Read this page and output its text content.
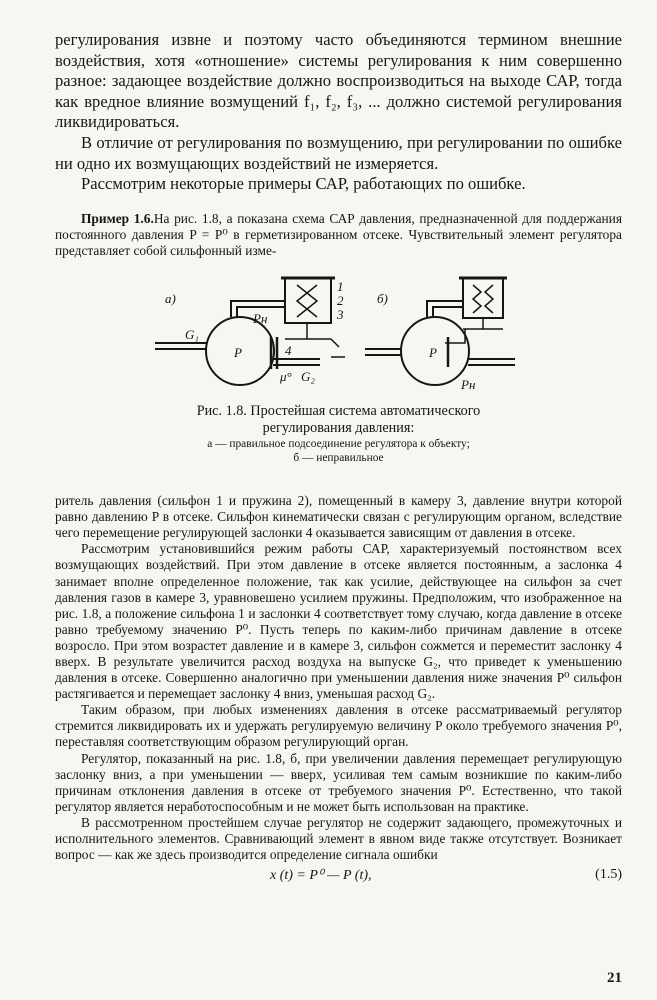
регулирования извне и поэтому часто объединяются термином внешние воздействия, хотя «отношение» системы регулирования к ним совершенно разное: задающее воздействие должно воспроизводиться на выходе САР, тогда как вредное влияние возмущений f₁, f₂, f₃, ... должно системой регулирования ликвидироваться.

В отличие от регулирования по возмущению, при регулировании по ошибке ни одно их возмущающих воздействий не измеряется.

Рассмотрим некоторые примеры САР, работающих по ошибке.

Пример 1.6.На рис. 1.8, а показана схема САР давления, предназначенной для поддержания постоянного давления P = P⁰ в герметизированном отсеке. Чувствительный элемент регулятора представляет собой сильфонный изме-

а)	б)
P	P
Pн
Pн
G₁
G₂
μ°
1
2
3
4

Рис. 1.8. Простейшая система автоматического

регулирования давления:

а — правильное подсоединение регулятора к объекту;

б — неправильное

ритель давления (сильфон 1 и пружина 2), помещенный в камеру 3, давление внутри которой равно давлению P в отсеке. Сильфон кинематически связан с регулирующим органом, вследствие чего перемещение регулирующей заслонки 4 оказывается зависящим от давления в отсеке.

Рассмотрим установившийся режим работы САР, характеризуемый постоянством всех возмущающих воздействий. При этом давление в отсеке является постоянным, а заслонка 4 занимает вполне определенное положение, так как усилие, действующее на сильфон за счет давления газов в камере 3, уравновешено усилием пружины. Предположим, что изображенное на рис. 1.8, а положение сильфона 1 и заслонки 4 соответствует тому случаю, когда давление в отсеке равно требуемому значению P⁰. Пусть теперь по каким-либо причинам давление в отсеке возросло. При этом возрастет давление и в камере 3, сильфон сожмется и переместит заслонку 4 вверх. В результате увеличится расход воздуха на выпуске G₂, что приведет к уменьшению давления в отсеке. Совершенно аналогично при уменьшении давления ниже значения P⁰ сильфон растягивается и перемещает заслонку 4 вниз, уменьшая расход G₂.

Таким образом, при любых изменениях давления в отсеке рассматриваемый регулятор стремится ликвидировать их и удержать регулируемую величину P около требуемого значения P⁰, переставляя соответствующим образом регулирующий орган.

Регулятор, показанный на рис. 1.8, б, при увеличении давления перемещает регулирующую заслонку вниз, а при уменьшении — вверх, усиливая тем самым возникшие по каким-либо причинам отклонения давления в отсеке от требуемого значения P⁰. Естественно, что такой регулятор является неработоспособным и не может быть использован на практике.

В рассмотренном простейшем случае регулятор не содержит задающего, промежуточных и исполнительного элементов. Сравнивающий элемент в явном виде также отсутствует. Возникает вопрос — как же здесь производится определение сигнала ошибки

x (t) = P⁰ — P (t),	(1.5)
21
